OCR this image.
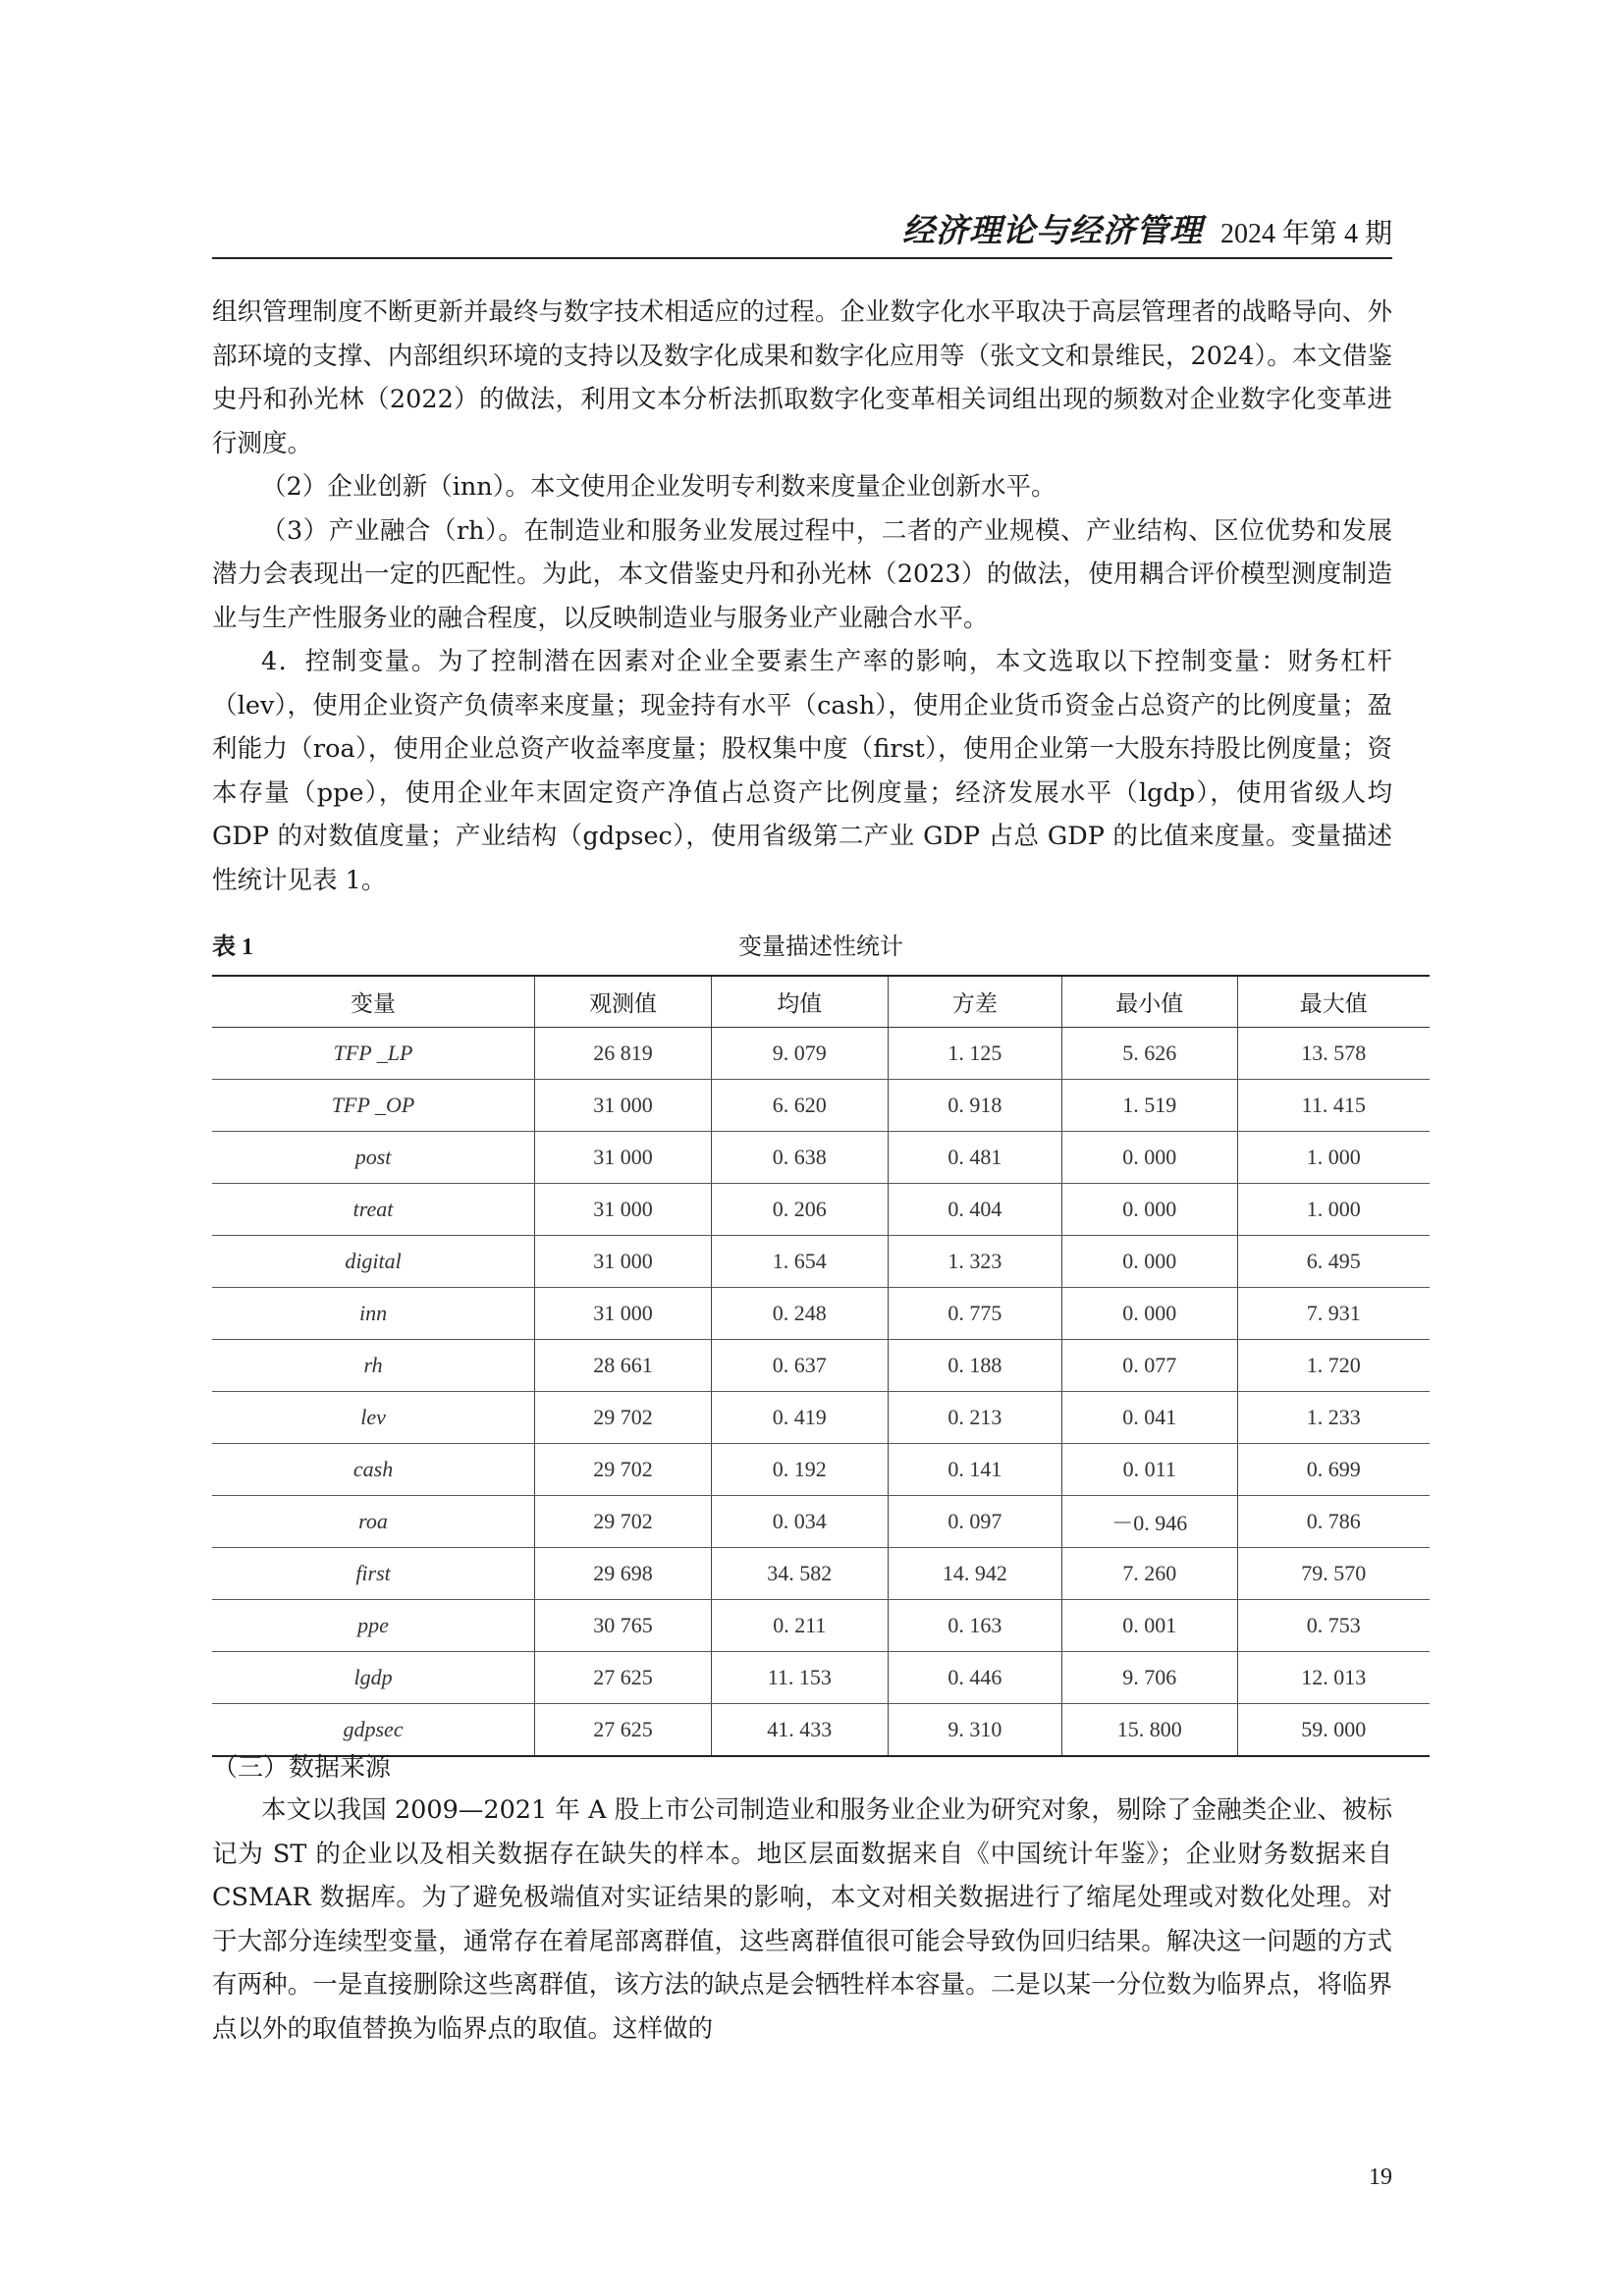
经济理论与经济管理 2024 年第 4 期

组织管理制度不断更新并最终与数字技术相适应的过程。企业数字化水平取决于高层管理者的战略导向、外部环境的支撑、内部组织环境的支持以及数字化成果和数字化应用等（张文文和景维民，2024）。本文借鉴史丹和孙光林（2022）的做法，利用文本分析法抓取数字化变革相关词组出现的频数对企业数字化变革进行测度。

（2）企业创新（inn）。本文使用企业发明专利数来度量企业创新水平。

（3）产业融合（rh）。在制造业和服务业发展过程中，二者的产业规模、产业结构、区位优势和发展潜力会表现出一定的匹配性。为此，本文借鉴史丹和孙光林（2023）的做法，使用耦合评价模型测度制造业与生产性服务业的融合程度，以反映制造业与服务业产业融合水平。

4．控制变量。为了控制潜在因素对企业全要素生产率的影响，本文选取以下控制变量：财务杠杆（lev），使用企业资产负债率来度量；现金持有水平（cash），使用企业货币资金占总资产的比例度量；盈利能力（roa），使用企业总资产收益率度量；股权集中度（first），使用企业第一大股东持股比例度量；资本存量（ppe），使用企业年末固定资产净值占总资产比例度量；经济发展水平（lgdp），使用省级人均 GDP 的对数值度量；产业结构（gdpsec），使用省级第二产业 GDP 占总 GDP 的比值来度量。变量描述性统计见表 1。

表 1	变量描述性统计
变量	观测值	均值	方差	最小值	最大值
TFP _LP	26 819	9. 079	1. 125	5. 626	13. 578
TFP _OP	31 000	6. 620	0. 918	1. 519	11. 415
post	31 000	0. 638	0. 481	0. 000	1. 000
treat	31 000	0. 206	0. 404	0. 000	1. 000
digital	31 000	1. 654	1. 323	0. 000	6. 495
inn	31 000	0. 248	0. 775	0. 000	7. 931
rh	28 661	0. 637	0. 188	0. 077	1. 720
lev	29 702	0. 419	0. 213	0. 041	1. 233
cash	29 702	0. 192	0. 141	0. 011	0. 699
roa	29 702	0. 034	0. 097	－0. 946	0. 786
first	29 698	34. 582	14. 942	7. 260	79. 570
ppe	30 765	0. 211	0. 163	0. 001	0. 753
lgdp	27 625	11. 153	0. 446	9. 706	12. 013
gdpsec	27 625	41. 433	9. 310	15. 800	59. 000
（三）数据来源

本文以我国 2009—2021 年 A 股上市公司制造业和服务业企业为研究对象，剔除了金融类企业、被标记为 ST 的企业以及相关数据存在缺失的样本。地区层面数据来自《中国统计年鉴》；企业财务数据来自 CSMAR 数据库。为了避免极端值对实证结果的影响，本文对相关数据进行了缩尾处理或对数化处理。对于大部分连续型变量，通常存在着尾部离群值，这些离群值很可能会导致伪回归结果。解决这一问题的方式有两种。一是直接删除这些离群值，该方法的缺点是会牺牲样本容量。二是以某一分位数为临界点，将临界点以外的取值替换为临界点的取值。这样做的

19
